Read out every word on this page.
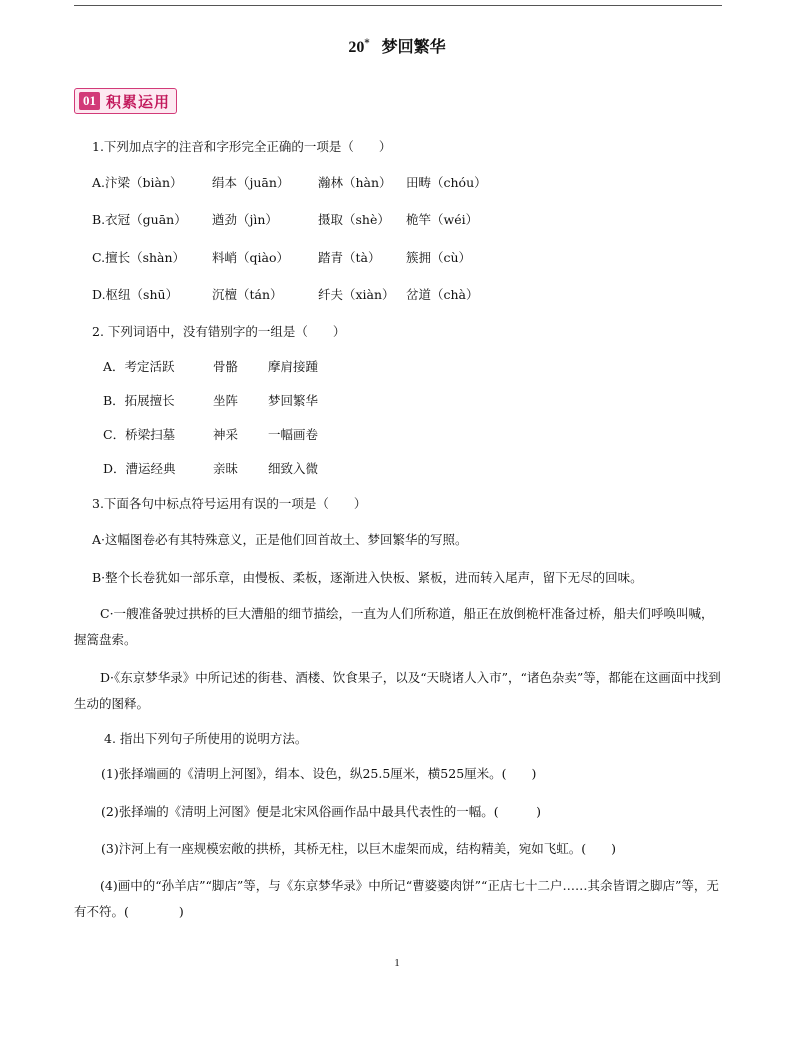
20* 梦回繁华
01 积累运用
1.下列加点字的注音和字形完全正确的一项是（　　）
A.汴梁（biàn）	绢本（juān）	瀚林（hàn）	田畴（chóu）
B.衣冠（guān）	遒劲（jìn）	摄取（shè）	桅竿（wéi）
C.擅长（shàn）	料峭（qiào）	踏青（tà）	簇拥（cù）
D.枢纽（shū）	沉檀（tán）	纤夫（xiàn） 岔道（chà）
2. 下列词语中，没有错别字的一组是（　　）
A．考定活跃	骨骼	摩肩接踵
B．拓展擅长	坐阵	梦回繁华
C．桥梁扫墓	神采	一幅画卷
D．漕运经典	亲昧	细致入微
3.下面各句中标点符号运用有误的一项是（　　）
A·这幅图卷必有其特殊意义，正是他们回首故土、梦回繁华的写照。
B·整个长卷犹如一部乐章，由慢板、柔板，逐渐进入快板、紧板，进而转入尾声，留下无尽的回味。
C·一艘准备驶过拱桥的巨大漕船的细节描绘，一直为人们所称道，船正在放倒桅杆准备过桥，船夫们呼唤叫喊，握篙盘索。
D·《东京梦华录》中所记述的街巷、酒楼、饮食果子，以及“天晓诸人入市”，“诸色杂卖”等，都能在这画面中找到生动的图释。
4. 指出下列句子所使用的说明方法。
(1)张择端画的《清明上河图》，绢本、设色，纵25.5厘米，横525厘米。(　　)
(2)张择端的《清明上河图》便是北宋风俗画作品中最具代表性的一幅。(　　　)
(3)汴河上有一座规模宏敞的拱桥，其桥无柱，以巨木虚架而成，结构精美，宛如飞虹。(　　)
(4)画中的“孙羊店”“脚店”等，与《东京梦华录》中所记“曹婆婆肉饼”“正店七十二户……其余皆谓之脚店”等，无有不符。(　　　　)
1
